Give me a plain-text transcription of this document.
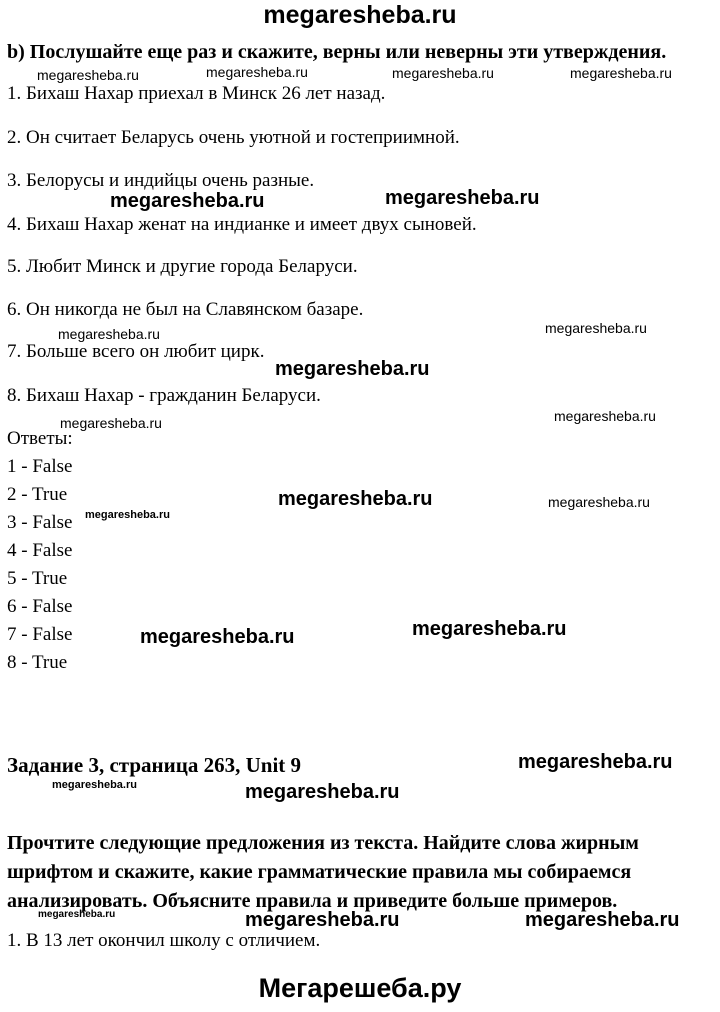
megaresheba.ru
b) Послушайте еще раз и скажите, верны или неверны эти утверждения.
megaresheba.ru	megaresheba.ru	megaresheba.ru	megaresheba.ru
1. Бихаш Нахар приехал в Минск 26 лет назад.
2. Он считает Беларусь очень уютной и гостеприимной.
3. Белорусы и индийцы очень разные.
4. Бихаш Нахар женат на индианке и имеет двух сыновей.
5. Любит Минск и другие города Беларуси.
6. Он никогда не был на Славянском базаре.
7. Больше всего он любит цирк.
8. Бихаш Нахар - гражданин Беларуси.
megaresheba.ru	megaresheba.ru
megaresheba.ru	megaresheba.ru
megaresheba.ru
megaresheba.ru	megaresheba.ru
Ответы:
1 - False
2 - True
3 - False
4 - False
5 - True
6 - False
7 - False
8 - True
megaresheba.ru	megaresheba.ru
megaresheba.ru
megaresheba.ru	megaresheba.ru
Задание 3, страница 263, Unit 9	megaresheba.ru
megaresheba.ru	megaresheba.ru
Прочтите следующие предложения из текста. Найдите слова жирным
шрифтом и скажите, какие грамматические правила мы собираемся
анализировать. Объясните правила и приведите больше примеров.
megaresheba.ru	megaresheba.ru	megaresheba.ru
1. В 13 лет окончил школу с отличием.
Мегарешеба.ру
